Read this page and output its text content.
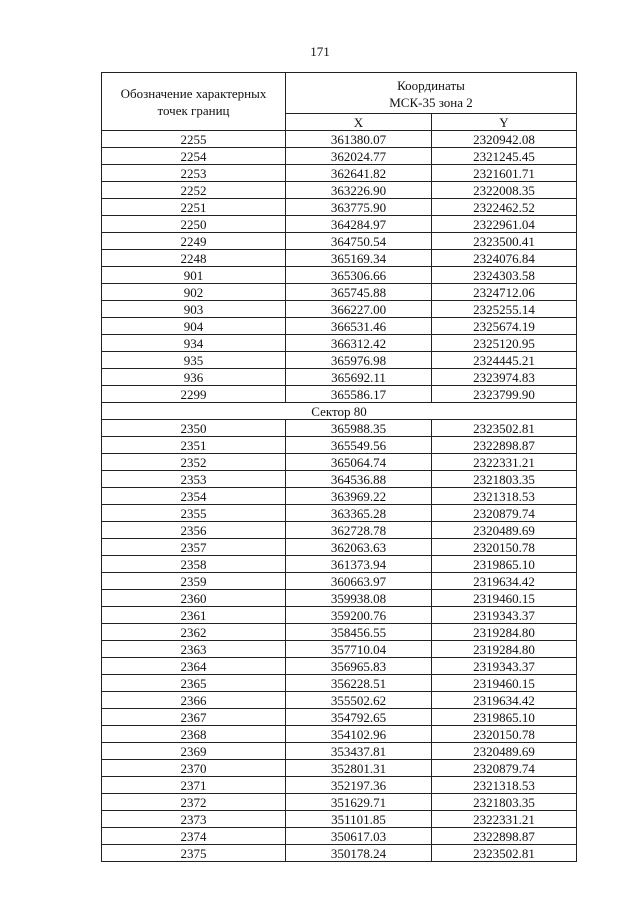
171
Обозначение характерных точек границ	Координаты
МСК-35 зона 2	
	X	Y
2255	361380.07	2320942.08
2254	362024.77	2321245.45
2253	362641.82	2321601.71
2252	363226.90	2322008.35
2251	363775.90	2322462.52
2250	364284.97	2322961.04
2249	364750.54	2323500.41
2248	365169.34	2324076.84
901	365306.66	2324303.58
902	365745.88	2324712.06
903	366227.00	2325255.14
904	366531.46	2325674.19
934	366312.42	2325120.95
935	365976.98	2324445.21
936	365692.11	2323974.83
2299	365586.17	2323799.90
Сектор 80		
2350	365988.35	2323502.81
2351	365549.56	2322898.87
2352	365064.74	2322331.21
2353	364536.88	2321803.35
2354	363969.22	2321318.53
2355	363365.28	2320879.74
2356	362728.78	2320489.69
2357	362063.63	2320150.78
2358	361373.94	2319865.10
2359	360663.97	2319634.42
2360	359938.08	2319460.15
2361	359200.76	2319343.37
2362	358456.55	2319284.80
2363	357710.04	2319284.80
2364	356965.83	2319343.37
2365	356228.51	2319460.15
2366	355502.62	2319634.42
2367	354792.65	2319865.10
2368	354102.96	2320150.78
2369	353437.81	2320489.69
2370	352801.31	2320879.74
2371	352197.36	2321318.53
2372	351629.71	2321803.35
2373	351101.85	2322331.21
2374	350617.03	2322898.87
2375	350178.24	2323502.81
